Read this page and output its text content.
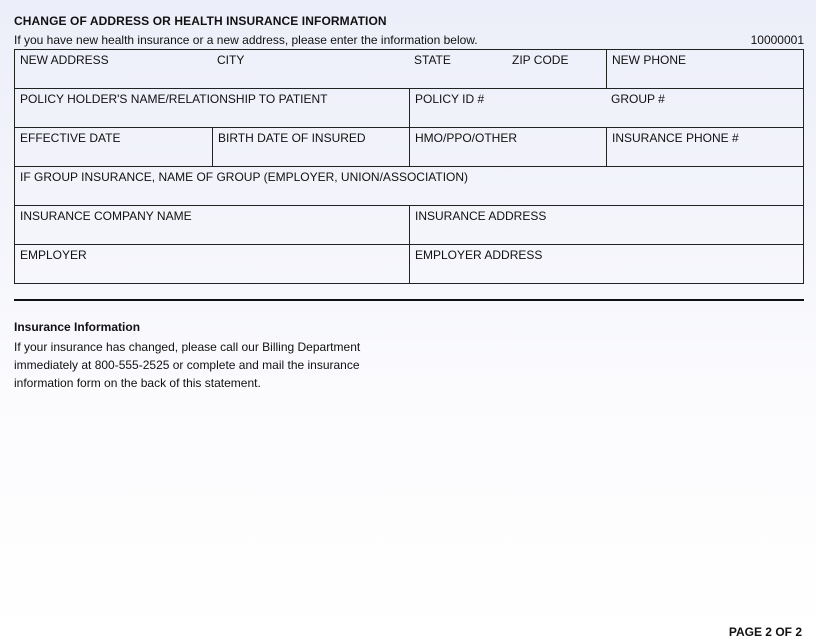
CHANGE OF ADDRESS OR HEALTH INSURANCE INFORMATION
If you have new health insurance or a new address, please enter the information below.	10000001
NEW ADDRESS	CITY	STATE	ZIP CODE	NEW PHONE
POLICY HOLDER'S NAME/RELATIONSHIP TO PATIENT	POLICY ID #	GROUP #
EFFECTIVE DATE	BIRTH DATE OF INSURED	HMO/PPO/OTHER	INSURANCE PHONE #
IF GROUP INSURANCE, NAME OF GROUP (EMPLOYER, UNION/ASSOCIATION)
INSURANCE COMPANY NAME	INSURANCE ADDRESS
EMPLOYER	EMPLOYER ADDRESS
Insurance Information

If your insurance has changed, please call our Billing Department
immediately at 800-555-2525 or complete and mail the insurance
information form on the back of this statement.

PAGE 2 OF 2
